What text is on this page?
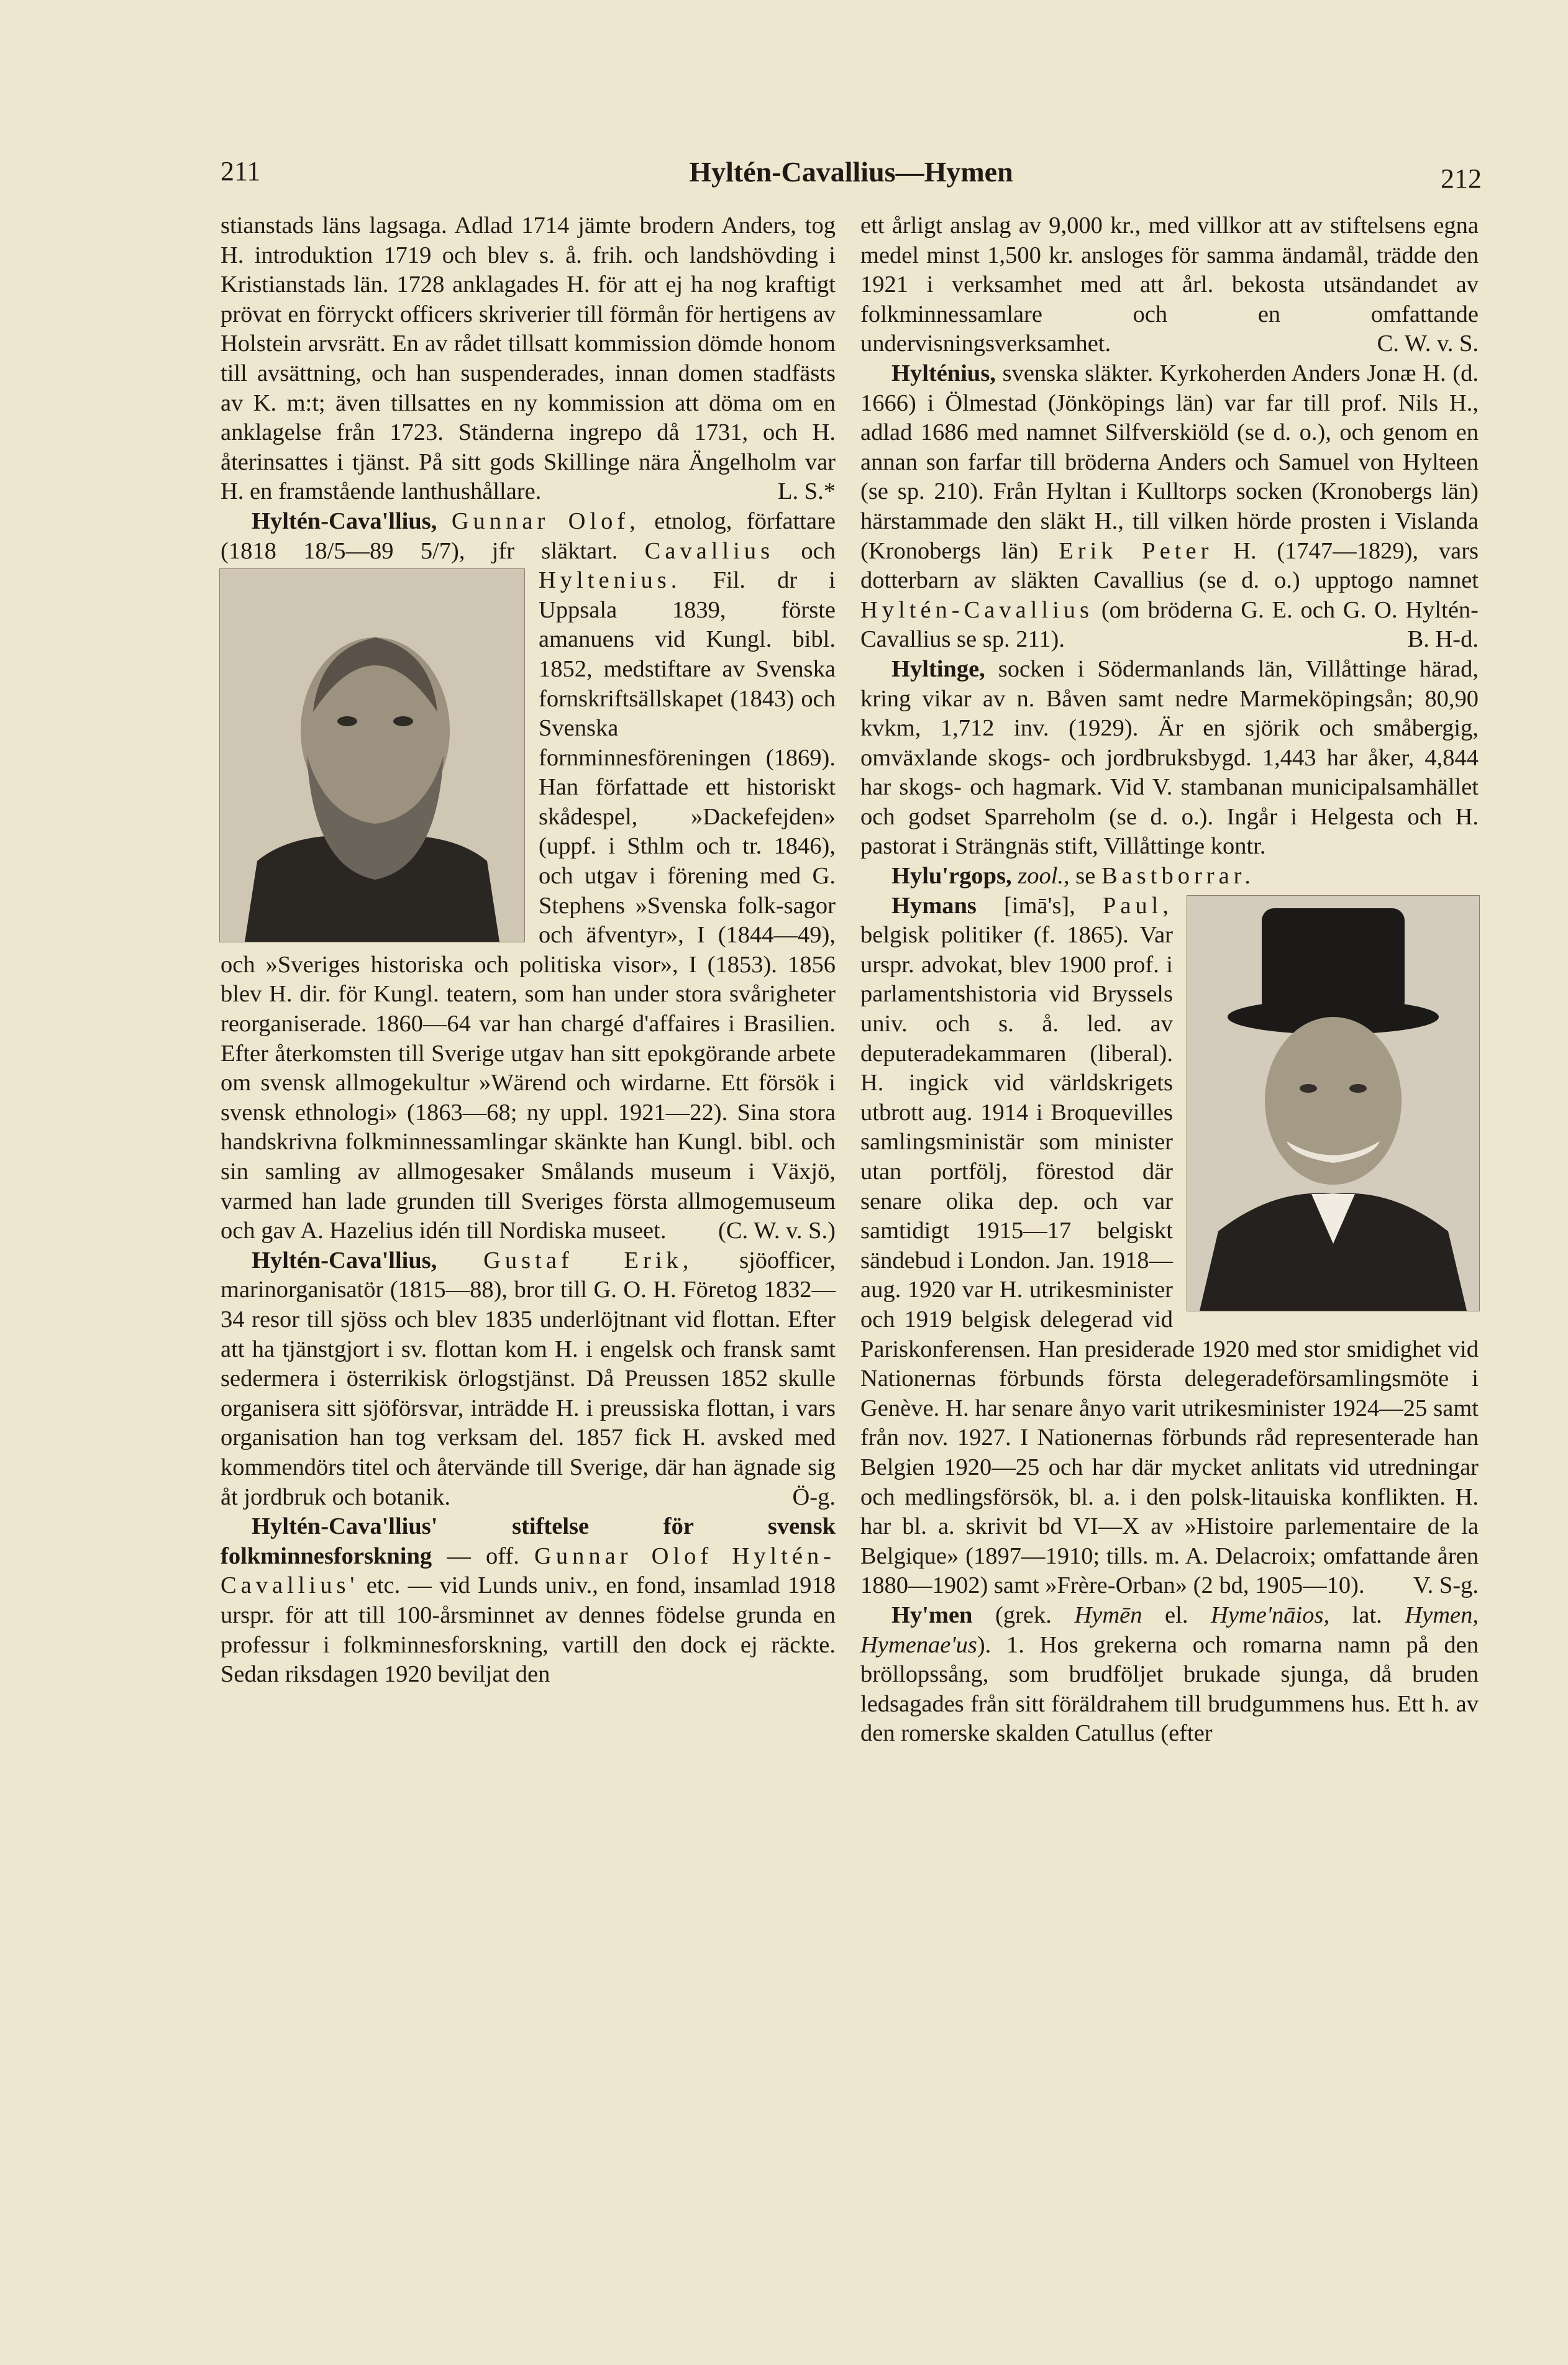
211	Hyltén-Cavallius—Hymen	212

stianstads läns lagsaga. Adlad 1714 jämte brodern Anders, tog H. introduktion 1719 och blev s. å. frih. och landshövding i Kristianstads län. 1728 anklagades H. för att ej ha nog kraftigt prövat en förryckt officers skriverier till förmån för hertigens av Holstein arvsrätt. En av rådet tillsatt kommission dömde honom till avsättning, och han suspenderades, innan domen stadfästs av K. m:t; även tillsattes en ny kommission att döma om en anklagelse från 1723. Ständerna ingrepo då 1731, och H. återinsattes i tjänst. På sitt gods Skillinge nära Ängelholm var H. en framstående lanthushållare.	L. S.*

Hyltén-Cava'llius, Gunnar Olof, etnolog, författare (1818 18/5—89 5/7), jfr släktart. Cavallius och Hyltenius.
Fil. dr i Uppsala 1839, förste amanuens vid Kungl. bibl. 1852, medstiftare av Svenska fornskriftsällskapet (1843) och Svenska fornminnesföreningen (1869). Han författade ett historiskt skådespel, »Dackefejden» (uppf. i Sthlm och tr. 1846), och utgav i förening med G. Stephens »Svenska folk-sagor och äfventyr», I (1844—49), och »Sveriges historiska och politiska visor», I (1853). 1856 blev H. dir. för Kungl. teatern, som han under stora svårigheter reorganiserade. 1860—64 var han chargé d'affaires i Brasilien. Efter återkomsten till Sverige utgav han sitt epokgörande arbete om svensk allmogekultur »Wärend och wirdarne. Ett försök i svensk ethnologi» (1863—68; ny uppl. 1921—22). Sina stora handskrivna folkminnessamlingar skänkte han Kungl. bibl. och sin samling av allmogesaker Smålands museum i Växjö, varmed han lade grunden till Sveriges första allmogemuseum och gav A. Hazelius idén till Nordiska museet.	(C. W. v. S.)

Hyltén-Cava'llius, Gustaf Erik, sjöofficer, marinorganisatör (1815—88), bror till G. O. H. Företog 1832—34 resor till sjöss och blev 1835 underlöjtnant vid flottan. Efter att ha tjänstgjort i sv. flottan kom H. i engelsk och fransk samt sedermera i österrikisk örlogstjänst. Då Preussen 1852 skulle organisera sitt sjöförsvar, inträdde H. i preussiska flottan, i vars organisation han tog verksam del. 1857 fick H. avsked med kommendörs titel och återvände till Sverige, där han ägnade sig åt jordbruk och botanik.	Ö-g.

Hyltén-Cava'llius' stiftelse för svensk folkminnesforskning — off. Gunnar Olof Hyltén-Cavallius' etc. — vid Lunds univ., en fond, insamlad 1918 urspr. för att till 100-årsminnet av dennes födelse grunda en professur i folkminnesforskning, vartill den dock ej räckte. Sedan riksdagen 1920 beviljat den

ett årligt anslag av 9,000 kr., med villkor att av stiftelsens egna medel minst 1,500 kr. ansloges för samma ändamål, trädde den 1921 i verksamhet med att årl. bekosta utsändandet av folkminnessamlare och en omfattande undervisningsverksamhet.	C. W. v. S.

Hylténius, svenska släkter. Kyrkoherden Anders Jonæ H. (d. 1666) i Ölmestad (Jönköpings län) var far till prof. Nils H., adlad 1686 med namnet Silfverskiöld (se d. o.), och genom en annan son farfar till bröderna Anders och Samuel von Hylteen (se sp. 210). Från Hyltan i Kulltorps socken (Kronobergs län) härstammade den släkt H., till vilken hörde prosten i Vislanda (Kronobergs län) Erik Peter H. (1747—1829), vars dotterbarn av släkten Cavallius (se d. o.) upptogo namnet Hyltén-Cavallius (om bröderna G. E. och G. O. Hyltén-Cavallius se sp. 211).	B. H-d.

Hyltinge, socken i Södermanlands län, Villåttinge härad, kring vikar av n. Båven samt nedre Marmeköpingsån; 80,90 kvkm, 1,712 inv. (1929). Är en sjörik och småbergig, omväxlande skogs- och jordbruksbygd. 1,443 har åker, 4,844 har skogs- och hagmark. Vid V. stambanan municipalsamhället och godset Sparreholm (se d. o.). Ingår i Helgesta och H. pastorat i Strängnäs stift, Villåttinge kontr.

Hylu'rgops, zool., se Bastborrar.

Hymans [imā's], Paul,
belgisk politiker (f. 1865). Var urspr. advokat, blev 1900 prof. i parlamentshistoria vid Bryssels univ. och s. å. led. av deputeradekammaren (liberal). H. ingick vid världskrigets utbrott aug. 1914 i Broquevilles samlingsministär som minister utan portfölj, förestod där senare olika dep. och var samtidigt 1915—17 belgiskt sändebud i London. Jan. 1918—aug. 1920 var H. utrikesminister och 1919 belgisk delegerad vid Pariskonferensen. Han presiderade 1920 med stor smidighet vid Nationernas förbunds första delegeradeförsamlingsmöte i Genève. H. har senare ånyo varit utrikesminister 1924—25 samt från nov. 1927. I Nationernas förbunds råd representerade han Belgien 1920—25 och har där mycket anlitats vid utredningar och medlingsförsök, bl. a. i den polsk-litauiska konflikten. H. har bl. a. skrivit bd VI—X av »Histoire parlementaire de la Belgique» (1897—1910; tills. m. A. Delacroix; omfattande åren 1880—1902) samt »Frère-Orban» (2 bd, 1905—10).	V. S-g.

Hy'men (grek. Hymēn el. Hyme'nāios, lat. Hymen, Hymenae'us). 1. Hos grekerna och romarna namn på den bröllopssång, som brudföljet brukade sjunga, då bruden ledsagades från sitt föräldrahem till brudgummens hus. Ett h. av den romerske skalden Catullus (efter
